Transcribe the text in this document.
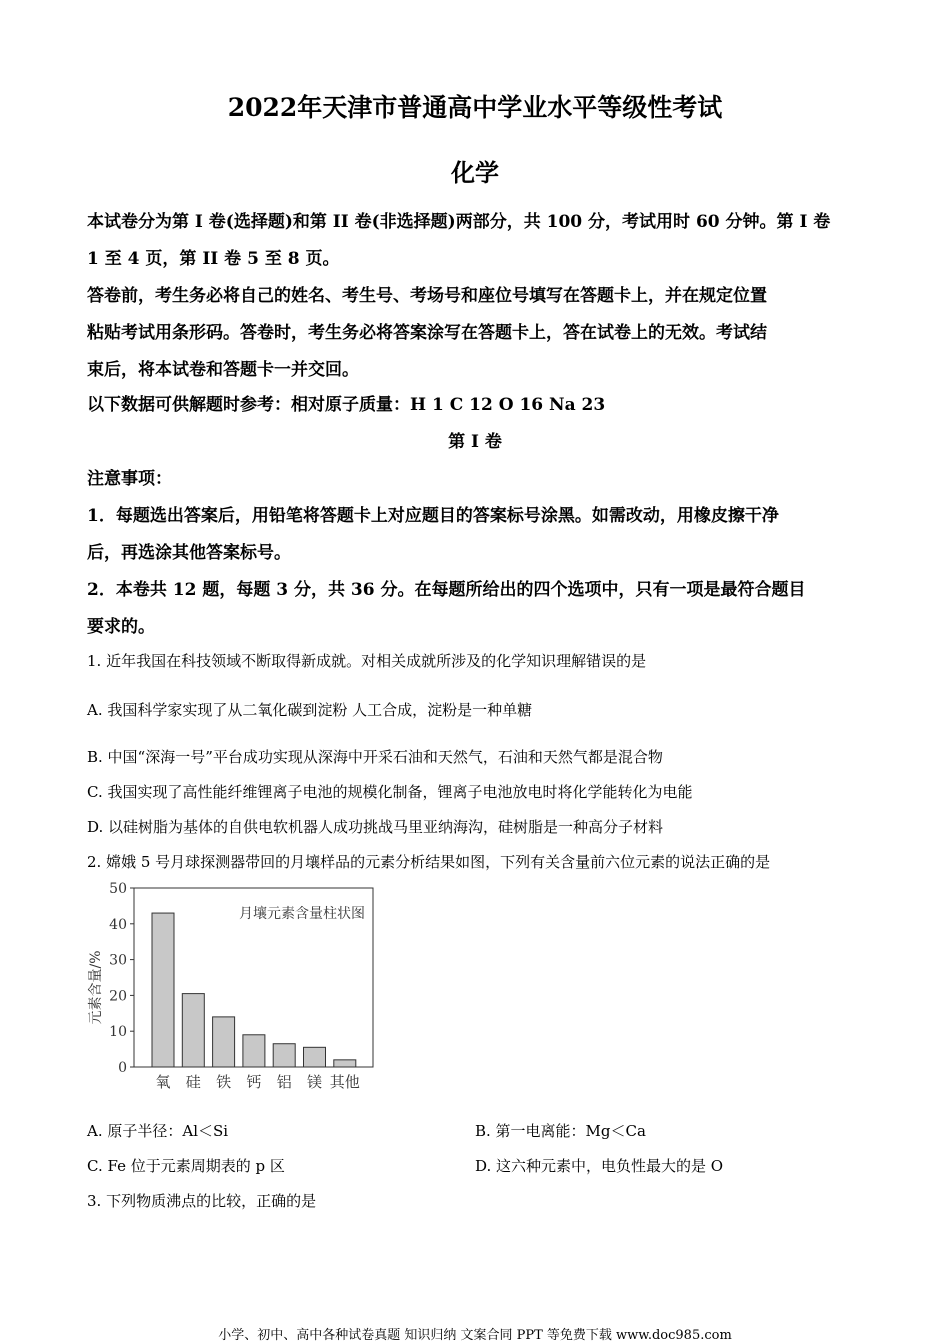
2022年天津市普通高中学业水平等级性考试
化学
本试卷分为第 I 卷(选择题)和第 II 卷(非选择题)两部分，共 100 分，考试用时 60 分钟。第 I 卷
1 至 4 页，第 II 卷 5 至 8 页。
答卷前，考生务必将自己的姓名、考生号、考场号和座位号填写在答题卡上，并在规定位置
粘贴考试用条形码。答卷时，考生务必将答案涂写在答题卡上，答在试卷上的无效。考试结
束后，将本试卷和答题卡一并交回。
以下数据可供解题时参考：相对原子质量：H 1 C 12 O 16 Na 23
第 I 卷
注意事项：
1．每题选出答案后，用铅笔将答题卡上对应题目的答案标号涂黑。如需改动，用橡皮擦干净
后，再选涂其他答案标号。
2．本卷共 12 题，每题 3 分，共 36 分。在每题所给出的四个选项中，只有一项是最符合题目
要求的。
1. 近年我国在科技领域不断取得新成就。对相关成就所涉及的化学知识理解错误的是
A. 我国科学家实现了从二氧化碳到淀粉 人工合成，淀粉是一种单糖
B. 中国“深海一号”平台成功实现从深海中开采石油和天然气，石油和天然气都是混合物
C. 我国实现了高性能纤维锂离子电池的规模化制备，锂离子电池放电时将化学能转化为电能
D. 以硅树脂为基体的自供电软机器人成功挑战马里亚纳海沟，硅树脂是一种高分子材料
2. 嫦娥 5 号月球探测器带回的月壤样品的元素分析结果如图，下列有关含量前六位元素的说法正确的是
0
10
20
30
40
50
元素含量/%
月壤元素含量柱状图
氧 硅 铁 钙 铝 镁 其他
A. 原子半径：Al＜Si	B. 第一电离能：Mg＜Ca
C. Fe 位于元素周期表的 p 区	D. 这六种元素中，电负性最大的是 O
3. 下列物质沸点的比较，正确的是
小学、初中、高中各种试卷真题 知识归纳 文案合同 PPT 等免费下载 www.doc985.com
